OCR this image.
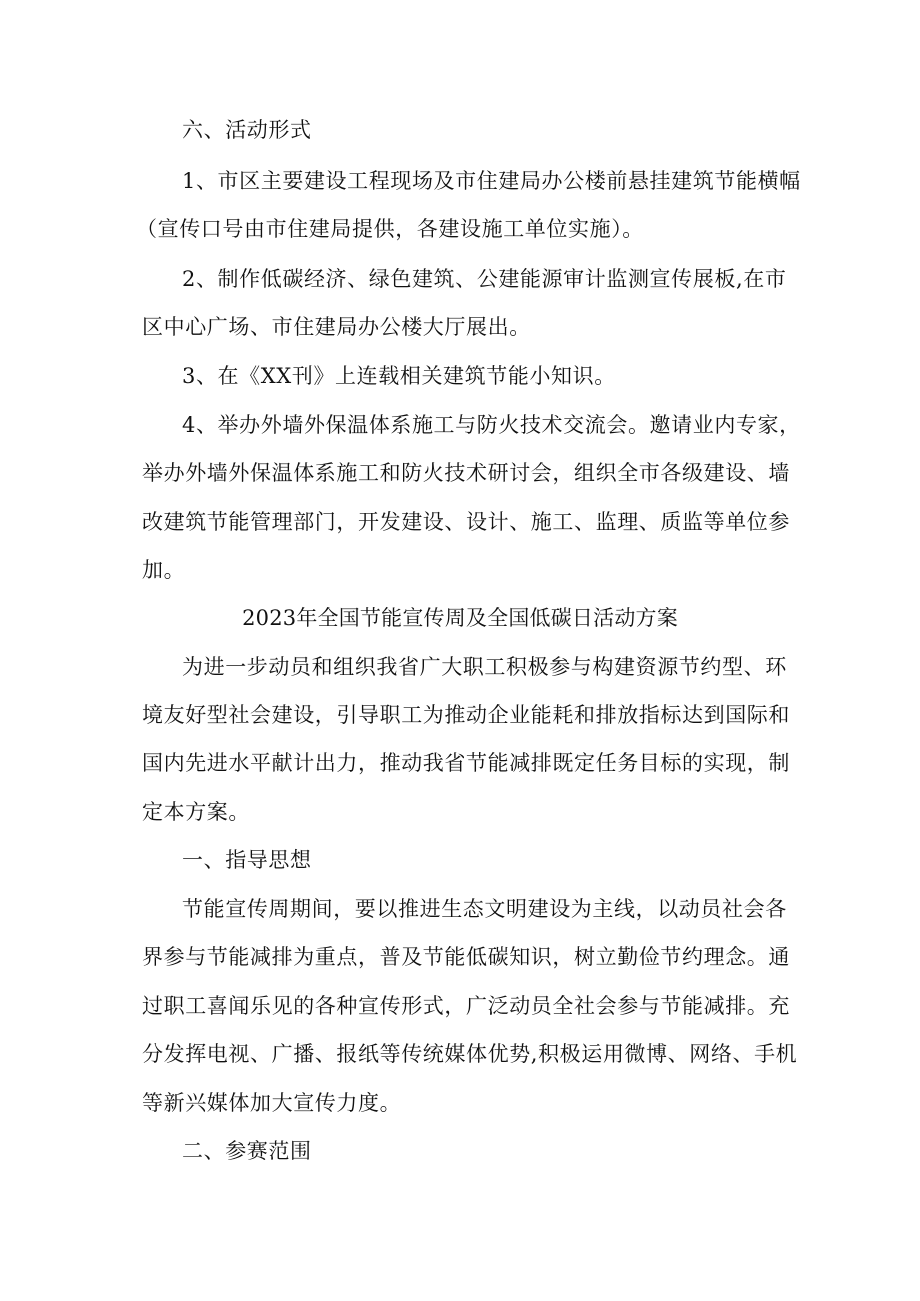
六、活动形式
1、市区主要建设工程现场及市住建局办公楼前悬挂建筑节能横幅
（宣传口号由市住建局提供，各建设施工单位实施）。
2、制作低碳经济、绿色建筑、公建能源审计监测宣传展板,在市
区中心广场、市住建局办公楼大厅展出。
3、在《XX刊》上连载相关建筑节能小知识。
4、举办外墙外保温体系施工与防火技术交流会。邀请业内专家，
举办外墙外保温体系施工和防火技术研讨会，组织全市各级建设、墙
改建筑节能管理部门，开发建设、设计、施工、监理、质监等单位参
加。
2023年全国节能宣传周及全国低碳日活动方案
为进一步动员和组织我省广大职工积极参与构建资源节约型、环
境友好型社会建设，引导职工为推动企业能耗和排放指标达到国际和
国内先进水平献计出力，推动我省节能减排既定任务目标的实现，制
定本方案。
一、指导思想
节能宣传周期间，要以推进生态文明建设为主线，以动员社会各
界参与节能减排为重点，普及节能低碳知识，树立勤俭节约理念。通
过职工喜闻乐见的各种宣传形式，广泛动员全社会参与节能减排。充
分发挥电视、广播、报纸等传统媒体优势,积极运用微博、网络、手机
等新兴媒体加大宣传力度。
二、参赛范围
